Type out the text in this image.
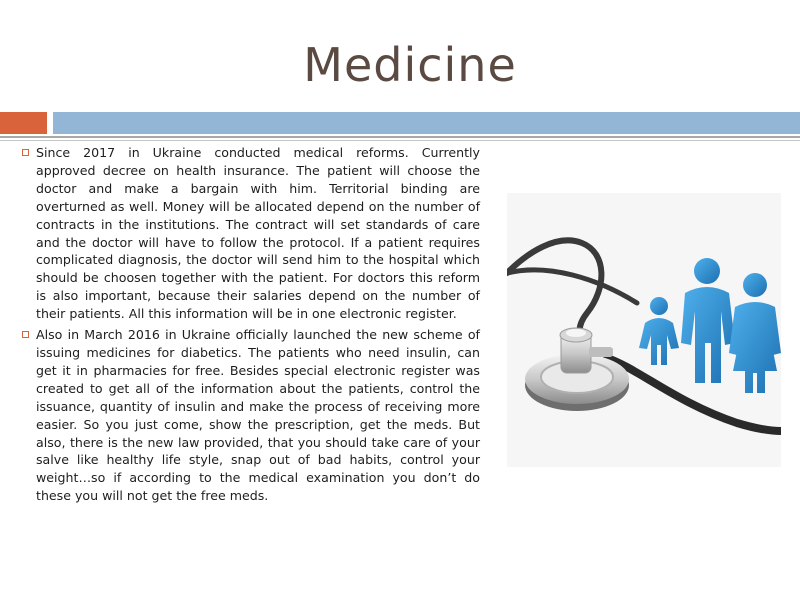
Medicine

Since 2017 in Ukraine conducted medical reforms. Currently approved decree on health insurance. The patient will choose the doctor and make a bargain with him. Territorial binding are overturned as well. Money will be allocated depend on the number of contracts in the institutions. The contract will set standards of care and the doctor will have to follow the protocol. If a patient requires complicated diagnosis, the doctor will send him to the hospital which should be choosen together with the patient. For doctors this reform is also important, because their salaries depend on the number of their patients. All this information will be in one electronic register.

Also in March 2016 in Ukraine officially launched the new scheme of issuing medicines for diabetics. The patients who need insulin, can get it in pharmacies for free. Besides special electronic register was created to get all of the information about the patients, control the issuance, quantity of insulin and make the process of receiving more easier. So you just come, show the prescription, get the meds. But also, there is the new law provided, that you should take care of your salve like healthy life style, snap out of bad habits, control your weight…so if according to the medical examination you don’t do these you will not get the free meds.
